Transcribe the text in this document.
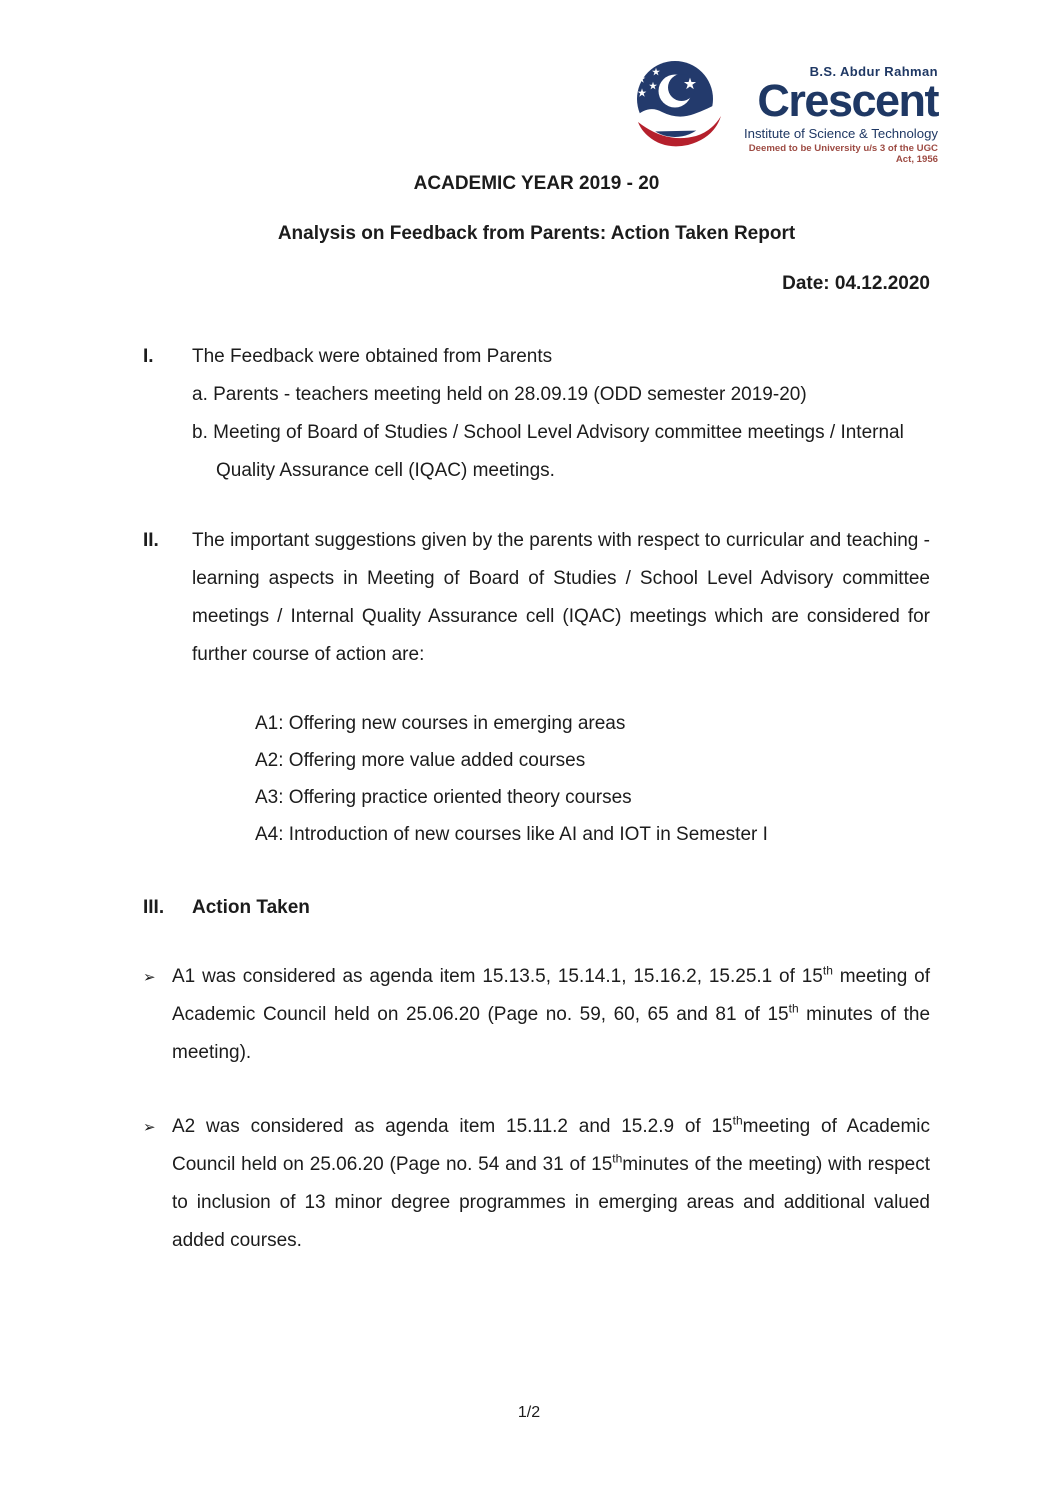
B.S. Abdur Rahman
Crescent
Institute of Science & Technology
Deemed to be University u/s 3 of the UGC Act, 1956
ACADEMIC YEAR 2019 - 20
Analysis on Feedback from Parents: Action Taken Report
Date: 04.12.2020
I.	The Feedback were obtained from Parents

a. Parents - teachers meeting held on 28.09.19 (ODD semester 2019-20)

b. Meeting of Board of Studies / School Level Advisory committee meetings / Internal Quality Assurance cell (IQAC) meetings.

II.	The important suggestions given by the parents with respect to curricular and teaching - learning aspects in Meeting of Board of Studies / School Level Advisory committee meetings / Internal Quality Assurance cell (IQAC) meetings which are considered for further course of action are:

A1: Offering new courses in emerging areas

A2: Offering more value added courses

A3: Offering practice oriented theory courses

A4: Introduction of new courses like AI and IOT in Semester I

III.	Action Taken
➢ A1 was considered as agenda item 15.13.5, 15.14.1, 15.16.2, 15.25.1 of 15th meeting of Academic Council held on 25.06.20 (Page no. 59, 60, 65 and 81 of 15th minutes of the meeting).

➢ A2 was considered as agenda item 15.11.2 and 15.2.9 of 15thmeeting of Academic Council held on 25.06.20 (Page no. 54 and 31 of 15thminutes of the meeting) with respect to inclusion of 13 minor degree programmes in emerging areas and additional valued added courses.

1/2
